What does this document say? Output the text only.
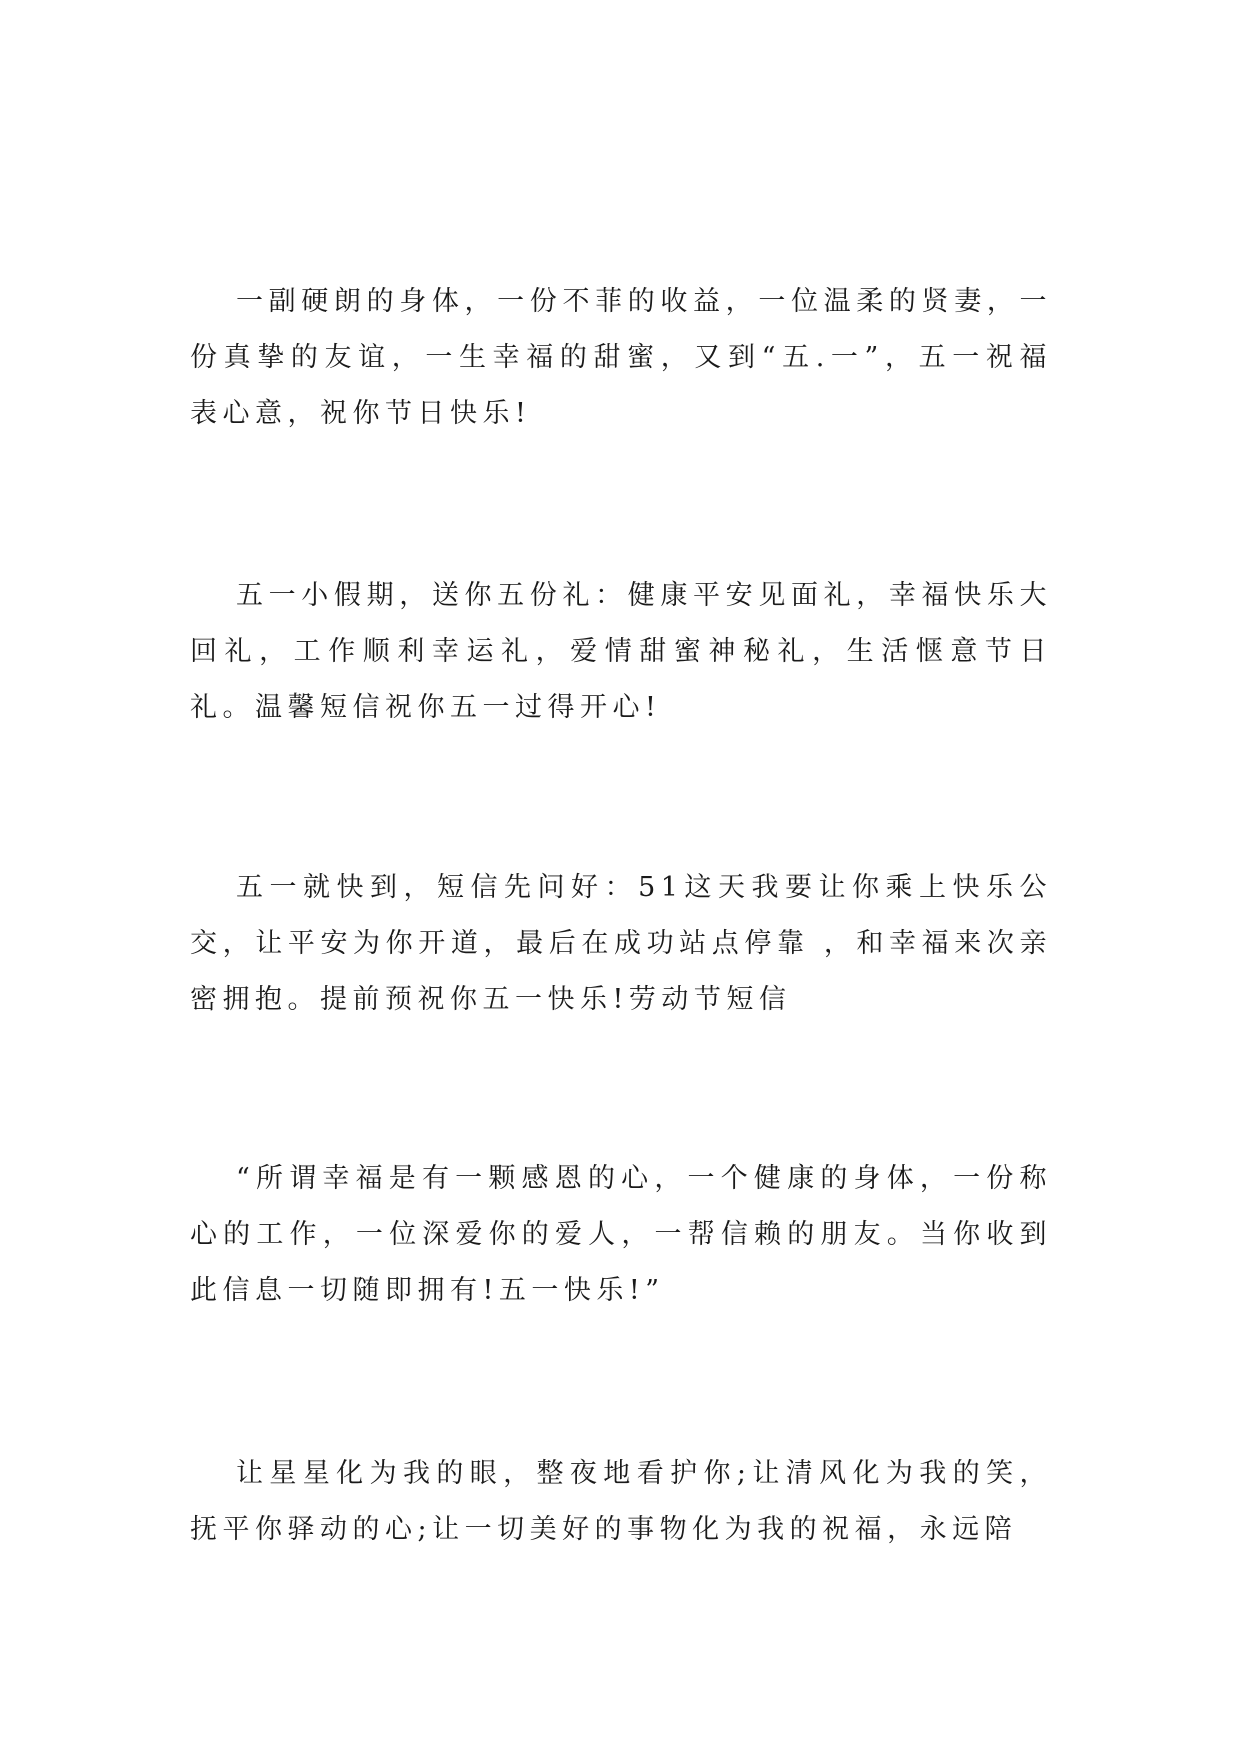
一副硬朗的身体，一份不菲的收益，一位温柔的贤妻，一份真挚的友谊，一生幸福的甜蜜，又到“五.一”，五一祝福表心意，祝你节日快乐!

五一小假期，送你五份礼：健康平安见面礼，幸福快乐大回礼，工作顺利幸运礼，爱情甜蜜神秘礼，生活惬意节日礼。温馨短信祝你五一过得开心!

五一就快到，短信先问好：51这天我要让你乘上快乐公交，让平安为你开道，最后在成功站点停靠 ，和幸福来次亲密拥抱。提前预祝你五一快乐!劳动节短信

“所谓幸福是有一颗感恩的心，一个健康的身体，一份称心的工作，一位深爱你的爱人，一帮信赖的朋友。当你收到此信息一切随即拥有!五一快乐!”

让星星化为我的眼，整夜地看护你;让清风化为我的笑，抚平你驿动的心;让一切美好的事物化为我的祝福，永远陪
